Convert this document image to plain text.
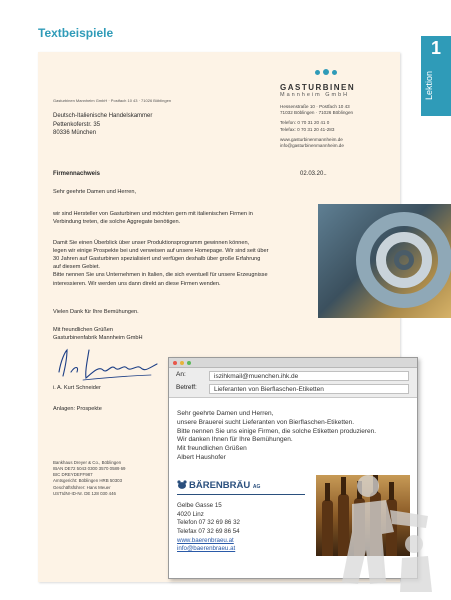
Textbeispiele
1
Lektion
GASTURBINEN
Mannheim GmbH
Gasturbinen Mannheim GmbH · Postfach 10 43 · 71026 Böblingen
Deutsch-Italienische Handelskammer
Pettenkoferstr. 35
80336 München
Hessenstraße 10 · Postfach 10 43
71032 Böblingen · 71026 Böblingen
Telefon: 0 70 31 20 41 0
Telefax: 0 70 31 20 41-283
www.gasturbinenmannheim.de
info@gasturbinenmannheim.de
Firmennachweis	02.03.20..
Sehr geehrte Damen und Herren,
wir sind Hersteller von Gasturbinen und möchten gern mit italienischen Firmen in
Verbindung treten, die solche Aggregate benötigen.
Damit Sie einen Überblick über unser Produktionsprogramm gewinnen können,
legen wir einige Prospekte bei und verweisen auf unsere Homepage. Wir sind seit über
30 Jahren auf Gasturbinen spezialisiert und verfügen deshalb über große Erfahrung
auf diesem Gebiet.
Bitte nennen Sie uns Unternehmen in Italien, die sich eventuell für unsere Erzeugnisse
interessieren. Wir werden uns dann direkt an diese Firmen wenden.
Vielen Dank für Ihre Bemühungen.
Mit freundlichen Grüßen
Gasturbinenfabrik Mannheim GmbH
i. A. Kurt Schneider
Anlagen: Prospekte
Bankhaus Dreyer & Co., Böblingen
IBAN DE72 5043 0300 3570 0589 69
BIC DREYDEFF987
Amtsgericht: Böblingen HRB 50303
Geschäftsführer: Hans Meuer
USTIdNr-ID-Nr. DE 128 030 446
An:	iszihkmail@muenchen.ihk.de
Betreff:	Lieferanten von Bierflaschen-Etiketten
Sehr geehrte Damen und Herren,
unsere Brauerei sucht Lieferanten von Bierflaschen-Etiketten.
Bitte nennen Sie uns einige Firmen, die solche Etiketten produzieren.
Wir danken Ihnen für Ihre Bemühungen.
Mit freundlichen Grüßen
Albert Haushofer
BÄRENBRÄU AG
Gelbe Gasse 15
4020 Linz
Telefon 07 32 69 86 32
Telefax 07 32 69 86 54
www.baerenbraeu.at
info@baerenbraeu.at
